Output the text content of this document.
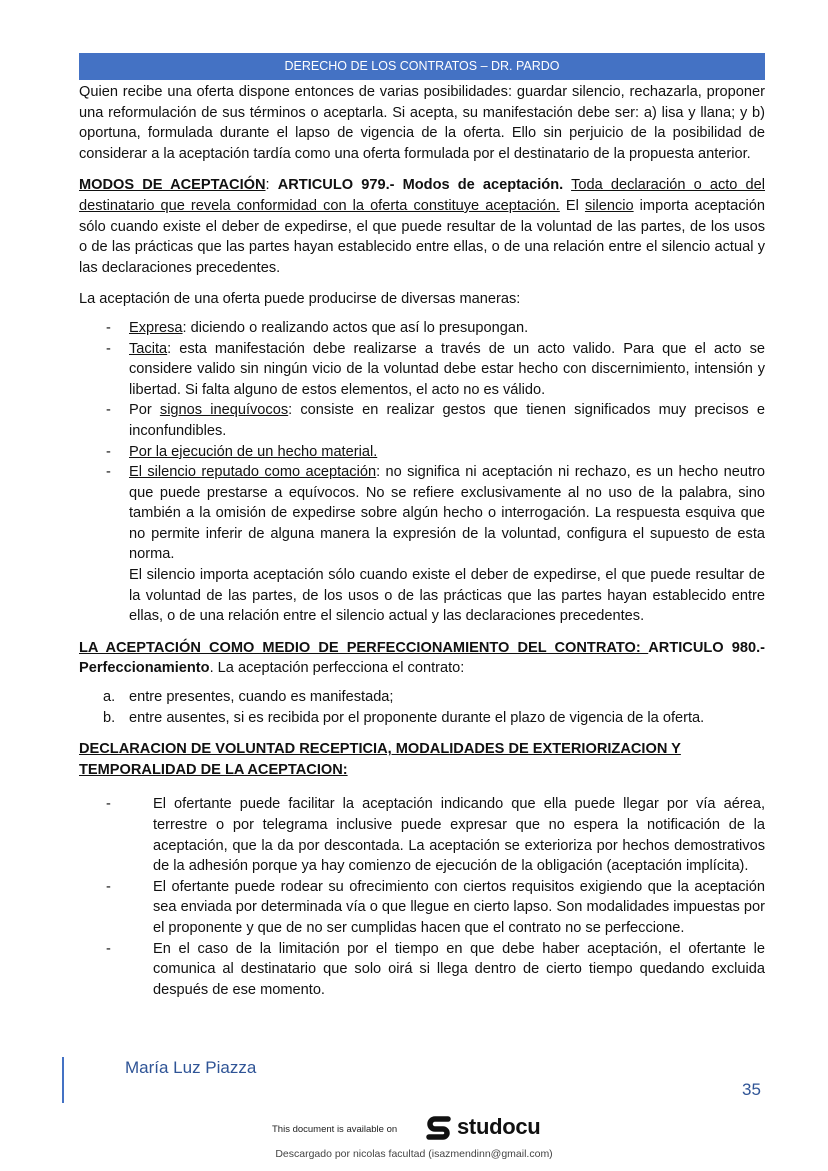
DERECHO DE LOS CONTRATOS – DR. PARDO

Quien recibe una oferta dispone entonces de varias posibilidades: guardar silencio, rechazarla, proponer una reformulación de sus términos o aceptarla. Si acepta, su manifestación debe ser: a) lisa y llana; y b) oportuna, formulada durante el lapso de vigencia de la oferta. Ello sin perjuicio de la posibilidad de considerar a la aceptación tardía como una oferta formulada por el destinatario de la propuesta anterior.

MODOS DE ACEPTACIÓN: ARTICULO 979.- Modos de aceptación. Toda declaración o acto del destinatario que revela conformidad con la oferta constituye aceptación. El silencio importa aceptación sólo cuando existe el deber de expedirse, el que puede resultar de la voluntad de las partes, de los usos o de las prácticas que las partes hayan establecido entre ellas, o de una relación entre el silencio actual y las declaraciones precedentes.

La aceptación de una oferta puede producirse de diversas maneras:

- Expresa: diciendo o realizando actos que así lo presupongan.
- Tacita: esta manifestación debe realizarse a través de un acto valido. Para que el acto se considere valido sin ningún vicio de la voluntad debe estar hecho con discernimiento, intensión y libertad. Si falta alguno de estos elementos, el acto no es válido.
- Por signos inequívocos: consiste en realizar gestos que tienen significados muy precisos e inconfundibles.
- Por la ejecución de un hecho material.
- El silencio reputado como aceptación: no significa ni aceptación ni rechazo, es un hecho neutro que puede prestarse a equívocos. No se refiere exclusivamente al no uso de la palabra, sino también a la omisión de expedirse sobre algún hecho o interrogación. La respuesta esquiva que no permite inferir de alguna manera la expresión de la voluntad, configura el supuesto de esta norma.

El silencio importa aceptación sólo cuando existe el deber de expedirse, el que puede resultar de la voluntad de las partes, de los usos o de las prácticas que las partes hayan establecido entre ellas, o de una relación entre el silencio actual y las declaraciones precedentes.

LA ACEPTACIÓN COMO MEDIO DE PERFECCIONAMIENTO DEL CONTRATO: ARTICULO 980.- Perfeccionamiento. La aceptación perfecciona el contrato:

a. entre presentes, cuando es manifestada;
b. entre ausentes, si es recibida por el proponente durante el plazo de vigencia de la oferta.

DECLARACION DE VOLUNTAD RECEPTICIA, MODALIDADES DE EXTERIORIZACION Y TEMPORALIDAD DE LA ACEPTACION:

- El ofertante puede facilitar la aceptación indicando que ella puede llegar por vía aérea, terrestre o por telegrama inclusive puede expresar que no espera la notificación de la aceptación, que la da por descontada. La aceptación se exterioriza por hechos demostrativos de la adhesión porque ya hay comienzo de ejecución de la obligación (aceptación implícita).
- El ofertante puede rodear su ofrecimiento con ciertos requisitos exigiendo que la aceptación sea enviada por determinada vía o que llegue en cierto lapso. Son modalidades impuestas por el proponente y que de no ser cumplidas hacen que el contrato no se perfeccione.
- En el caso de la limitación por el tiempo en que debe haber aceptación, el ofertante le comunica al destinatario que solo oirá si llega dentro de cierto tiempo quedando excluida después de ese momento.
María Luz Piazza
35
This document is available on	studocu
Descargado por nicolas facultad (isazmendinn@gmail.com)
